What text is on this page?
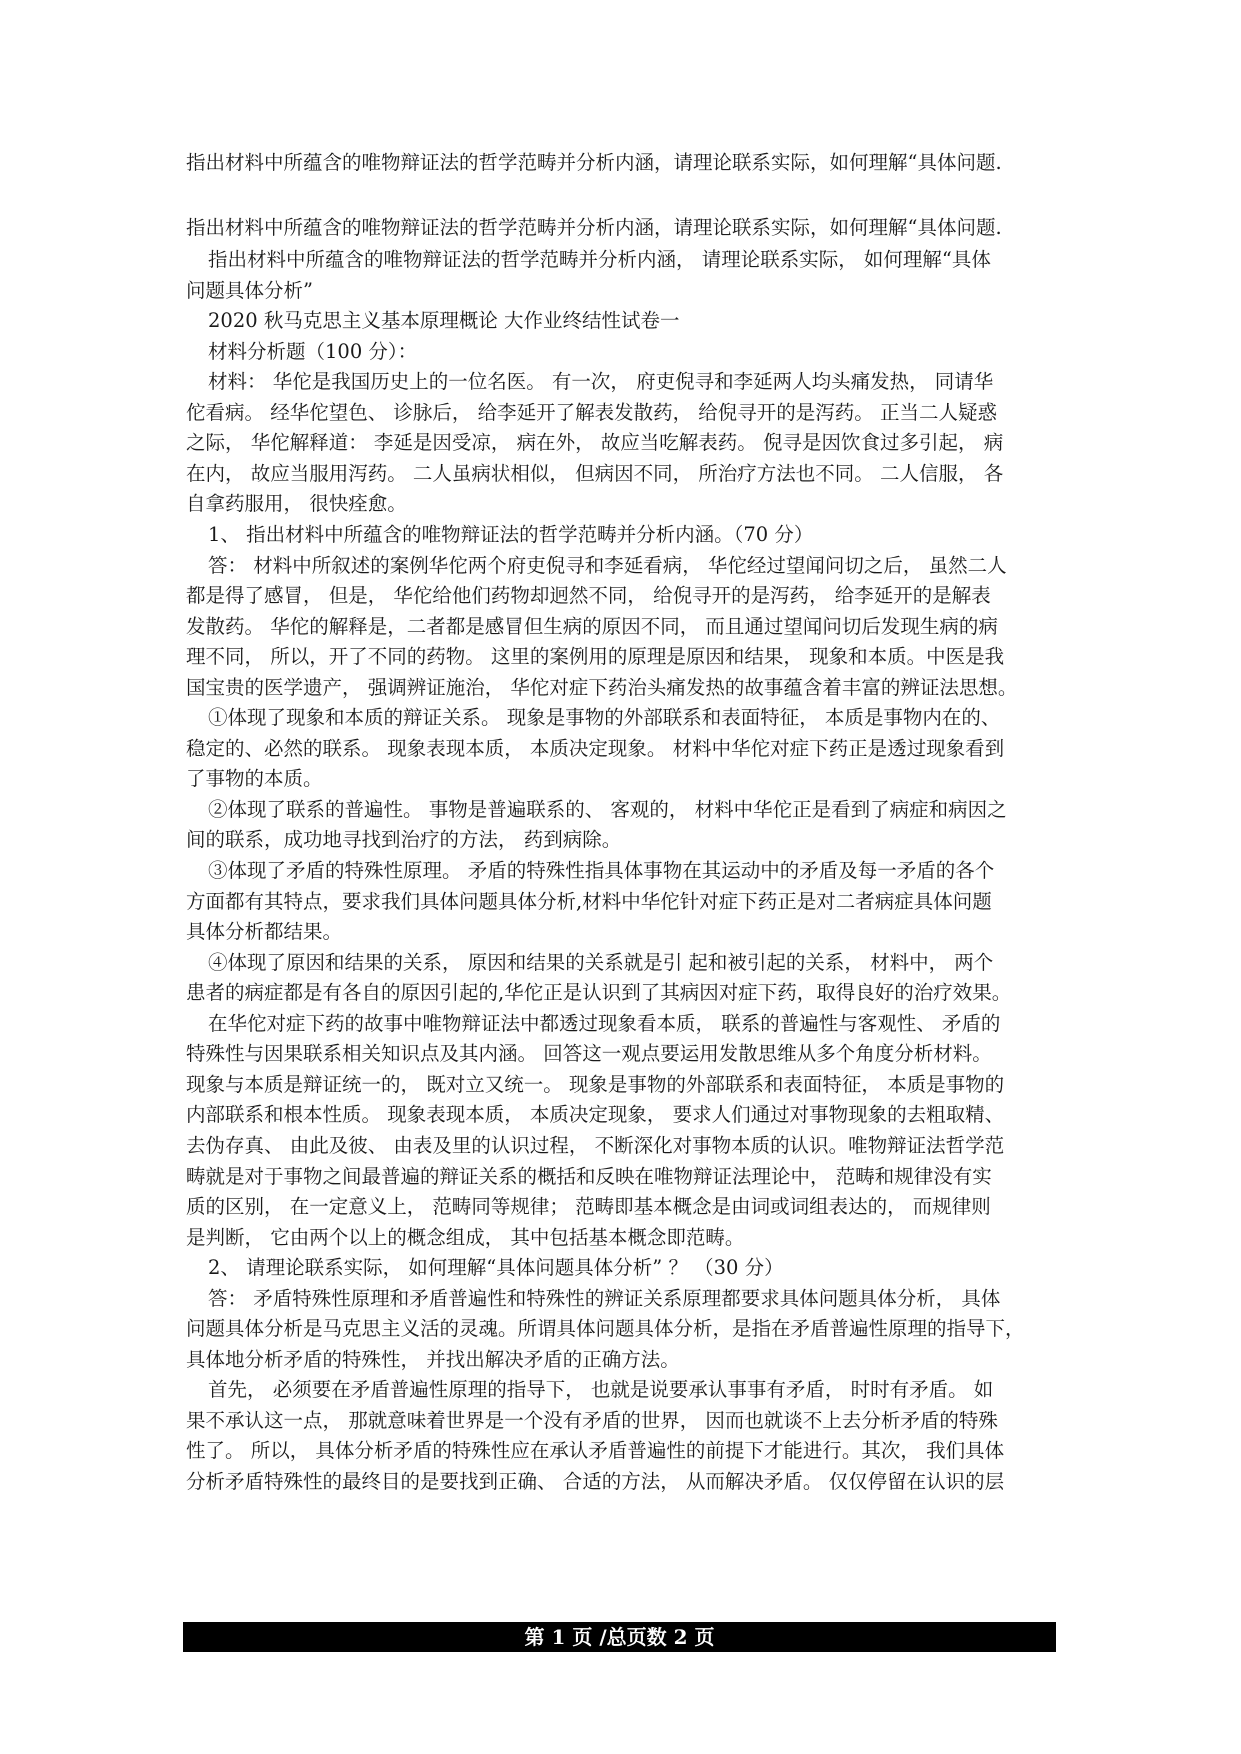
指出材料中所蕴含的唯物辩证法的哲学范畴并分析内涵，请理论联系实际，如何理解“具体问题.
指出材料中所蕴含的唯物辩证法的哲学范畴并分析内涵，请理论联系实际，如何理解“具体问题.
指出材料中所蕴含的唯物辩证法的哲学范畴并分析内涵， 请理论联系实际， 如何理解“具体
问题具体分析”
2020 秋马克思主义基本原理概论 大作业终结性试卷一
材料分析题（100 分）：
材料： 华佗是我国历史上的一位名医。 有一次， 府吏倪寻和李延两人均头痛发热， 同请华
佗看病。 经华佗望色、 诊脉后， 给李延开了解表发散药， 给倪寻开的是泻药。 正当二人疑惑
之际， 华佗解释道： 李延是因受凉， 病在外， 故应当吃解表药。 倪寻是因饮食过多引起， 病
在内， 故应当服用泻药。 二人虽病状相似， 但病因不同， 所治疗方法也不同。 二人信服， 各
自拿药服用， 很快痊愈。
1、 指出材料中所蕴含的唯物辩证法的哲学范畴并分析内涵。（70 分）
答： 材料中所叙述的案例华佗两个府吏倪寻和李延看病， 华佗经过望闻问切之后， 虽然二人
都是得了感冒， 但是， 华佗给他们药物却迥然不同， 给倪寻开的是泻药， 给李延开的是解表
发散药。 华佗的解释是，二者都是感冒但生病的原因不同， 而且通过望闻问切后发现生病的病
理不同， 所以，开了不同的药物。 这里的案例用的原理是原因和结果， 现象和本质。中医是我
国宝贵的医学遗产， 强调辨证施治， 华佗对症下药治头痛发热的故事蕴含着丰富的辨证法思想。
①体现了现象和本质的辩证关系。 现象是事物的外部联系和表面特征， 本质是事物内在的、
稳定的、必然的联系。 现象表现本质， 本质决定现象。 材料中华佗对症下药正是透过现象看到
了事物的本质。
②体现了联系的普遍性。 事物是普遍联系的、 客观的， 材料中华佗正是看到了病症和病因之
间的联系，成功地寻找到治疗的方法， 药到病除。
③体现了矛盾的特殊性原理。 矛盾的特殊性指具体事物在其运动中的矛盾及每一矛盾的各个
方面都有其特点，要求我们具体问题具体分析,材料中华佗针对症下药正是对二者病症具体问题
具体分析都结果。
④体现了原因和结果的关系， 原因和结果的关系就是引 起和被引起的关系， 材料中， 两个
患者的病症都是有各自的原因引起的,华佗正是认识到了其病因对症下药，取得良好的治疗效果。
在华佗对症下药的故事中唯物辩证法中都透过现象看本质， 联系的普遍性与客观性、 矛盾的
特殊性与因果联系相关知识点及其内涵。 回答这一观点要运用发散思维从多个角度分析材料。
现象与本质是辩证统一的， 既对立又统一。 现象是事物的外部联系和表面特征， 本质是事物的
内部联系和根本性质。 现象表现本质， 本质决定现象， 要求人们通过对事物现象的去粗取精、
去伪存真、 由此及彼、 由表及里的认识过程， 不断深化对事物本质的认识。唯物辩证法哲学范
畴就是对于事物之间最普遍的辩证关系的概括和反映在唯物辩证法理论中， 范畴和规律没有实
质的区别， 在一定意义上， 范畴同等规律； 范畴即基本概念是由词或词组表达的， 而规律则
是判断， 它由两个以上的概念组成， 其中包括基本概念即范畴。
2、 请理论联系实际， 如何理解“具体问题具体分析” ？ （30 分）
答： 矛盾特殊性原理和矛盾普遍性和特殊性的辨证关系原理都要求具体问题具体分析， 具体
问题具体分析是马克思主义活的灵魂。所谓具体问题具体分析，是指在矛盾普遍性原理的指导下，
具体地分析矛盾的特殊性， 并找出解决矛盾的正确方法。
首先， 必须要在矛盾普遍性原理的指导下， 也就是说要承认事事有矛盾， 时时有矛盾。 如
果不承认这一点， 那就意味着世界是一个没有矛盾的世界， 因而也就谈不上去分析矛盾的特殊
性了。 所以， 具体分析矛盾的特殊性应在承认矛盾普遍性的前提下才能进行。其次， 我们具体
分析矛盾特殊性的最终目的是要找到正确、 合适的方法， 从而解决矛盾。 仅仅停留在认识的层
第 1 页 /总页数 2 页
